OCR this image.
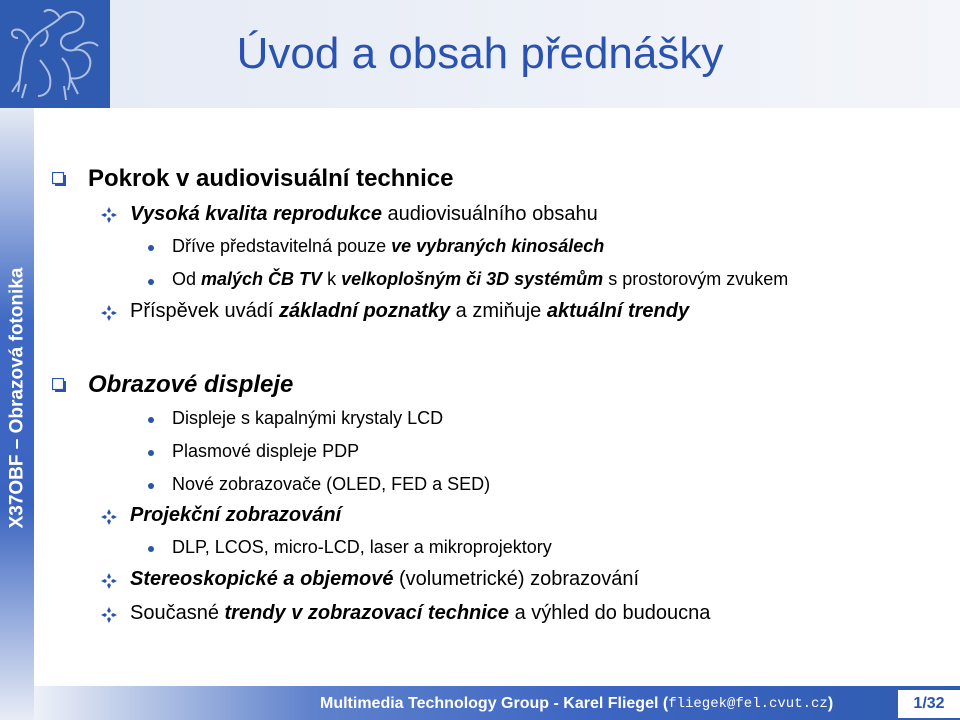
Úvod a obsah přednášky
X37OBF – Obrazová fotonika
Pokrok v audiovisuální technice
Vysoká kvalita reprodukce audiovisuálního obsahu
Dříve představitelná pouze ve vybraných kinosálech
Od malých ČB TV k velkoplošným či 3D systémům s prostorovým zvukem
Příspěvek uvádí základní poznatky a zmiňuje aktuální trendy
Obrazové displeje
Displeje s kapalnými krystaly LCD
Plasmové displeje PDP
Nové zobrazovače (OLED, FED a SED)
Projekční zobrazování
DLP, LCOS, micro-LCD, laser a mikroprojektory
Stereoskopické a objemové (volumetrické) zobrazování
Současné trendy v zobrazovací technice a výhled do budoucna
Multimedia Technology Group - Karel Fliegel ( fliegek@fel.cvut.cz )	1/32
